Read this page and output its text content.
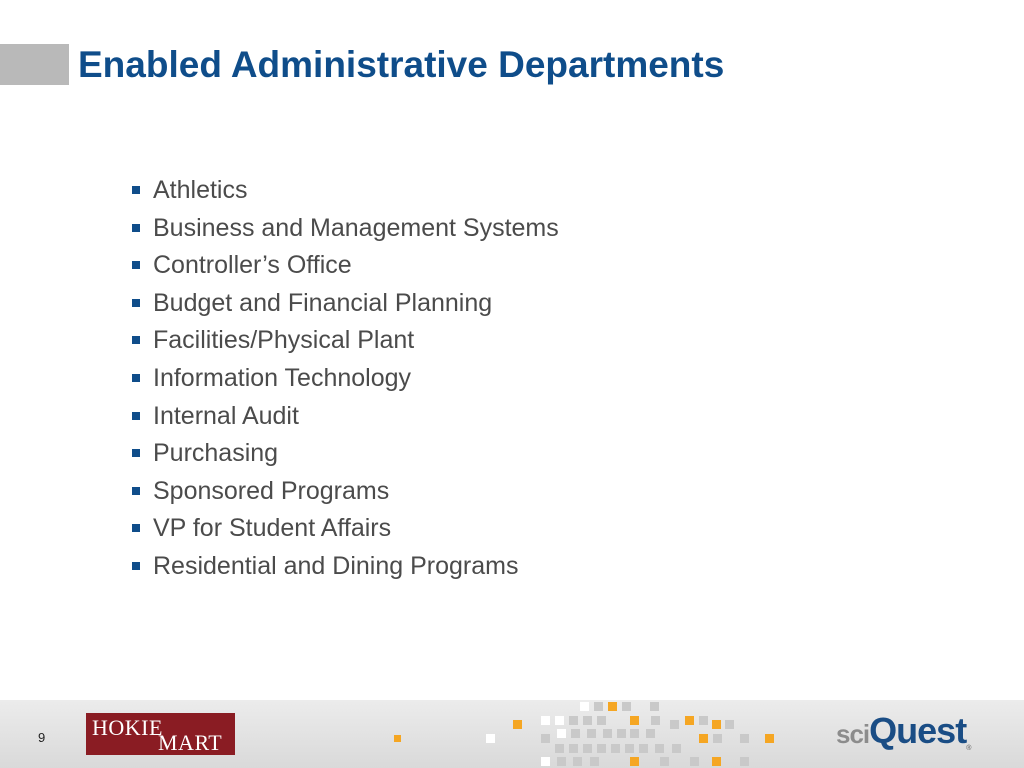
Enabled Administrative Departments
Athletics
Business and Management Systems
Controller’s Office
Budget and Financial Planning
Facilities/Physical Plant
Information Technology
Internal Audit
Purchasing
Sponsored Programs
VP for Student Affairs
Residential and Dining Programs
9 HOKIE
MART	sciQuest®
